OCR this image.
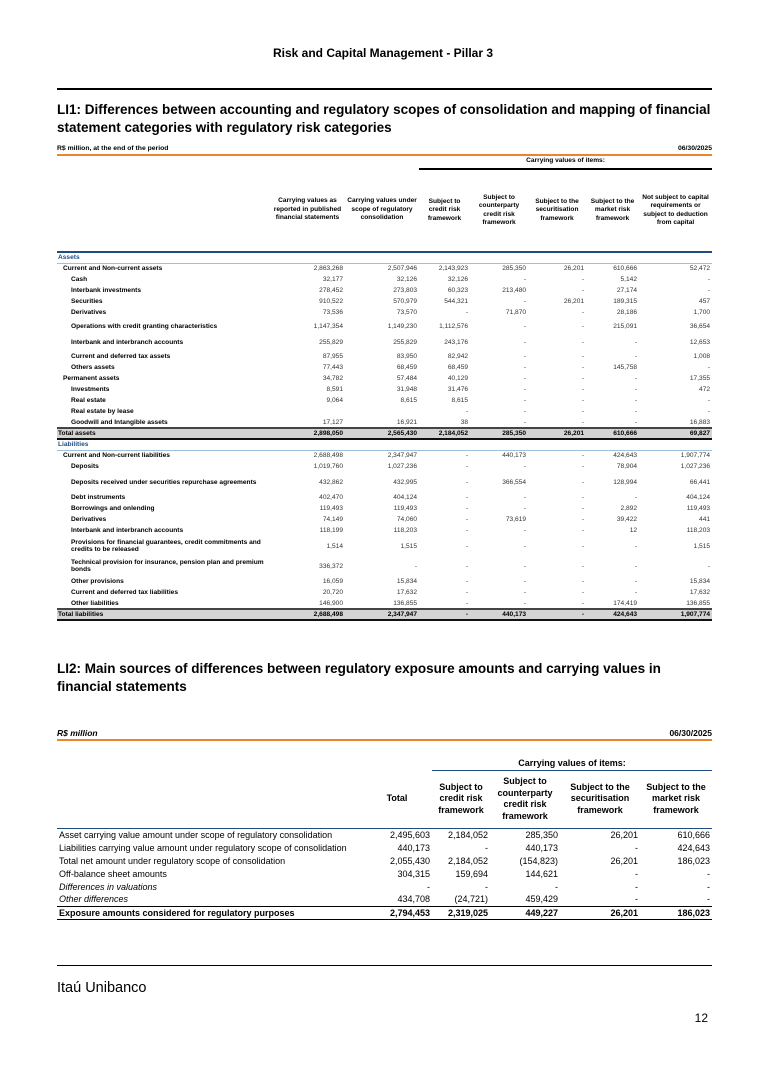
Risk and Capital Management - Pillar 3
LI1: Differences between accounting and regulatory scopes of consolidation and mapping of financial statement categories with regulatory risk categories
R$ million, at the end of the period	06/30/2025
			Carrying values of items:				
	Carrying values as reported in published financial statements	Carrying values under scope of regulatory consolidation	Subject to credit risk framework	Subject to counterparty credit risk framework	Subject to the securitisation framework	Subject to the market risk framework	Not subject to capital requirements or subject to deduction from capital
Assets							
Current and Non-current assets	2,863,268	2,507,946	2,143,923	285,350	26,201	610,666	52,472
Cash	32,177	32,126	32,126	-	-	5,142	-
Interbank investments	278,452	273,803	60,323	213,480	-	27,174	-
Securities	910,522	570,979	544,321	-	26,201	189,315	457
Derivatives	73,536	73,570	-	71,870	-	28,186	1,700
Operations with credit granting characteristics	1,147,354	1,149,230	1,112,576	-	-	215,091	36,654
Interbank and interbranch accounts	255,829	255,829	243,176	-	-	-	12,653
Current and deferred tax assets	87,955	83,950	82,942	-	-	-	1,008
Others assets	77,443	68,459	68,459	-	-	145,758	-
Permanent assets	34,782	57,484	40,129	-	-	-	17,355
Investments	8,591	31,948	31,476	-	-	-	472
Real estate	9,064	8,615	8,615	-	-	-	-
Real estate by lease			-	-	-	-	-
Goodwill and Intangible assets	17,127	16,921	38	-	-	-	16,883
Total assets	2,898,050	2,565,430	2,184,052	285,350	26,201	610,666	69,827
Liabilities							
Current and Non-current liabilities	2,688,498	2,347,947	-	440,173	-	424,643	1,907,774
Deposits	1,019,760	1,027,236	-	-	-	78,904	1,027,236
Deposits received under securities repurchase agreements	432,862	432,995	-	366,554	-	128,994	66,441
Debt instruments	402,470	404,124	-	-	-	-	404,124
Borrowings and onlending	119,493	119,493	-	-	-	2,892	119,493
Derivatives	74,149	74,060	-	73,619	-	39,422	441
Interbank and interbranch accounts	118,199	118,203	-	-	-	12	118,203
Provisions for financial guarantees, credit commitments and credits to be released	1,514	1,515	-	-	-	-	1,515
Technical provision for insurance, pension plan and premium bonds	336,372	-	-	-	-	-	-
Other provisions	16,059	15,834	-	-	-	-	15,834
Current and deferred tax liabilities	20,720	17,632	-	-	-	-	17,632
Other liabilities	146,900	136,855	-	-	-	174,419	136,855
Total liabilities	2,688,498	2,347,947	-	440,173	-	424,643	1,907,774
LI2: Main sources of differences between regulatory exposure amounts and carrying values in financial statements
R$ million	06/30/2025
		Carrying values of items:			
	Total	Subject to credit risk framework	Subject to counterparty credit risk framework	Subject to the securitisation framework	Subject to the market risk framework
Asset carrying value amount under scope of regulatory consolidation	2,495,603	2,184,052	285,350	26,201	610,666
Liabilities carrying value amount under regulatory scope of consolidation	440,173	-	440,173	-	424,643
Total net amount under regulatory scope of consolidation	2,055,430	2,184,052	(154,823)	26,201	186,023
Off-balance sheet amounts	304,315	159,694	144,621	-	-
Differences in valuations	-	-	-	-	-
Other differences	434,708	(24,721)	459,429	-	-
Exposure amounts considered for regulatory purposes	2,794,453	2,319,025	449,227	26,201	186,023
Itaú Unibanco
12
